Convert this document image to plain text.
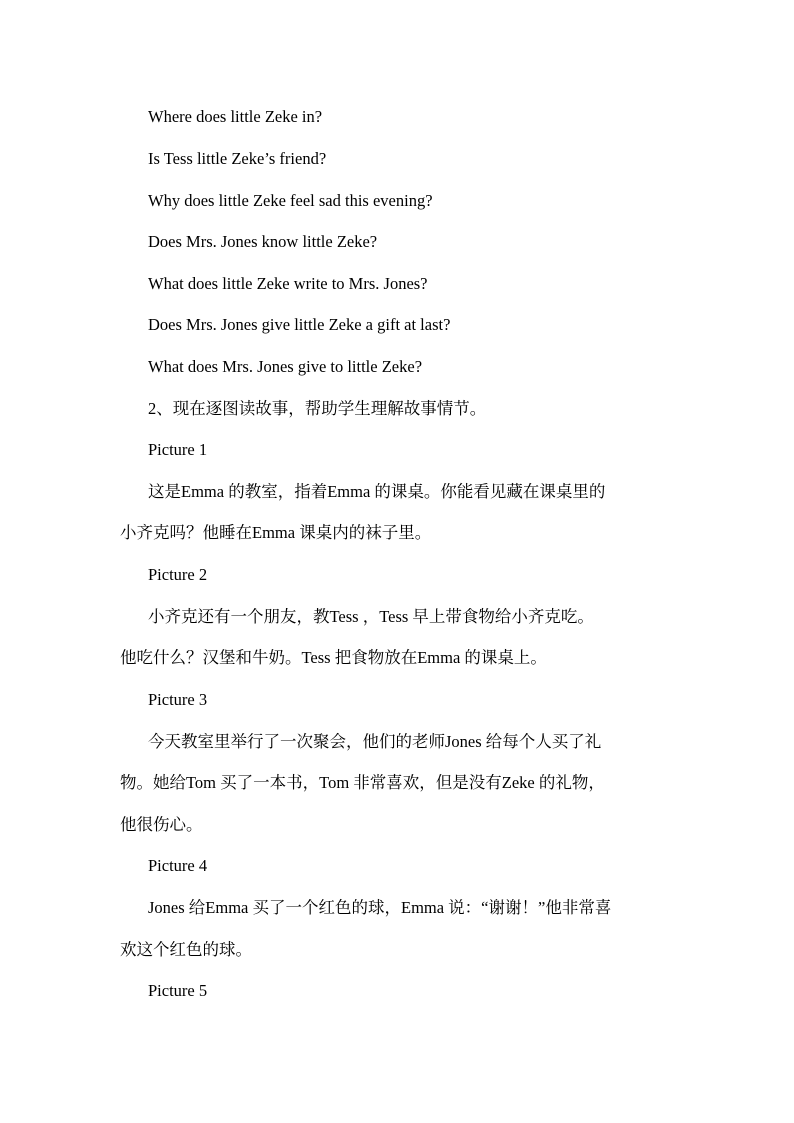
Where does little Zeke in?
Is Tess little Zeke’s friend?
Why does little Zeke feel sad this evening?
Does Mrs. Jones know little Zeke?
What does little Zeke write to Mrs. Jones?
Does Mrs. Jones give little Zeke a gift at last?
What does Mrs. Jones give to little Zeke?
2、现在逐图读故事，帮助学生理解故事情节。
Picture 1
这是Emma 的教室，指着Emma 的课桌。你能看见藏在课桌里的
小齐克吗？他睡在Emma 课桌内的袜子里。
Picture 2
小齐克还有一个朋友，教Tess ，Tess 早上带食物给小齐克吃。
他吃什么？汉堡和牛奶。Tess 把食物放在Emma 的课桌上。
Picture 3
今天教室里举行了一次聚会，他们的老师Jones 给每个人买了礼
物。她给Tom 买了一本书，Tom 非常喜欢，但是没有Zeke 的礼物，
他很伤心。
Picture 4
Jones 给Emma 买了一个红色的球，Emma 说：“谢谢！”他非常喜
欢这个红色的球。
Picture 5
